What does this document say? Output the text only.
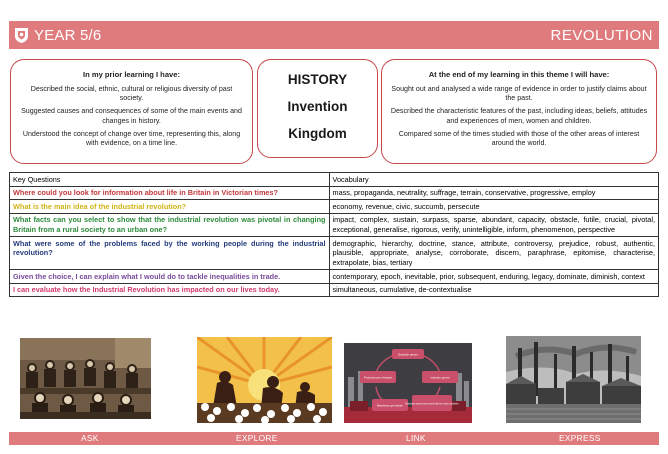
YEAR 5/6	REVOLUTION
In my prior learning I have:

Described the social, ethnic, cultural or religious diversity of past society.

Suggested causes and consequences of some of the main events and changes in history.

Understood the concept of change over time, representing this, along with evidence, on a time line.

HISTORY
Invention
Kingdom
At the end of my learning in this theme I will have:

Sought out and analysed a wide range of evidence in order to justify claims about the past.

Described the characteristic features of the past, including ideas, beliefs, attitudes and experiences of men, women and children.

Compared some of the times studied with those of the other areas of interest around the world.

Key Questions	Vocabulary
Where could you look for information about life in Britain in Victorian times?	mass, propaganda, neutrality, suffrage, terrain, conservative, progressive, employ
What is the main idea of the industrial revolution?	economy, revenue, civic, succumb, persecute
What facts can you select to show that the industrial revolution was pivotal in changing Britain from a rural society to an urban one?	impact, complex, sustain, surpass, sparse, abundant, capacity, obstacle, futile, crucial, pivotal, exceptional, generalise, rigorous, verify, unintelligible, inform, phenomenon, perspective
What were some of the problems faced by the working people during the industrial revolution?	demographic, hierarchy, doctrine, stance, attribute, controversy, prejudice, robust, authentic, plausible, appropriate, analyse, corroborate, discern, paraphrase, epitomise, characterise, extrapolate, bias, tertiary
Given the choice, I can explain what I would do to tackle inequalities in trade.	contemporary, epoch, inevitable, prior, subsequent, enduring, legacy, dominate, diminish, context
I can evaluate how the Industrial Revolution has impacted on our lives today.	simultaneous, cumulative, de-contextualise
Explode prices
Products get cheaper	Industry grows
Machines get faster Business owners invest and look for more machines
ASK	EXPLORE	LINK	EXPRESS
